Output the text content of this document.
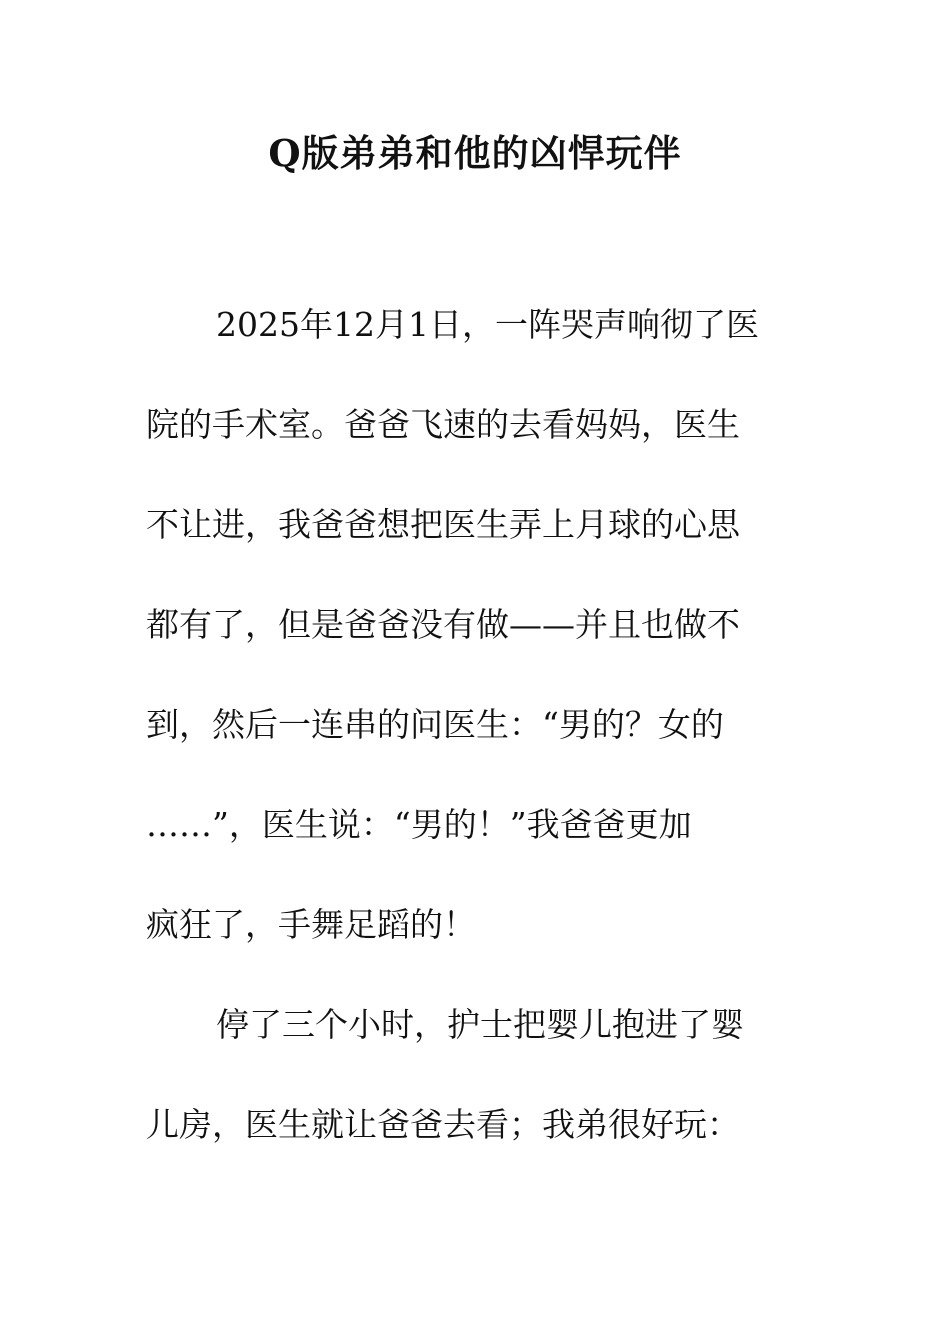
Q版弟弟和他的凶悍玩伴
2025年12月1日，一阵哭声响彻了医
院的手术室。爸爸飞速的去看妈妈，医生
不让进，我爸爸想把医生弄上月球的心思
都有了，但是爸爸没有做——并且也做不
到，然后一连串的问医生：“男的？女的
……”，医生说：“男的！”我爸爸更加
疯狂了，手舞足蹈的！
停了三个小时，护士把婴儿抱进了婴
儿房，医生就让爸爸去看；我弟很好玩：
